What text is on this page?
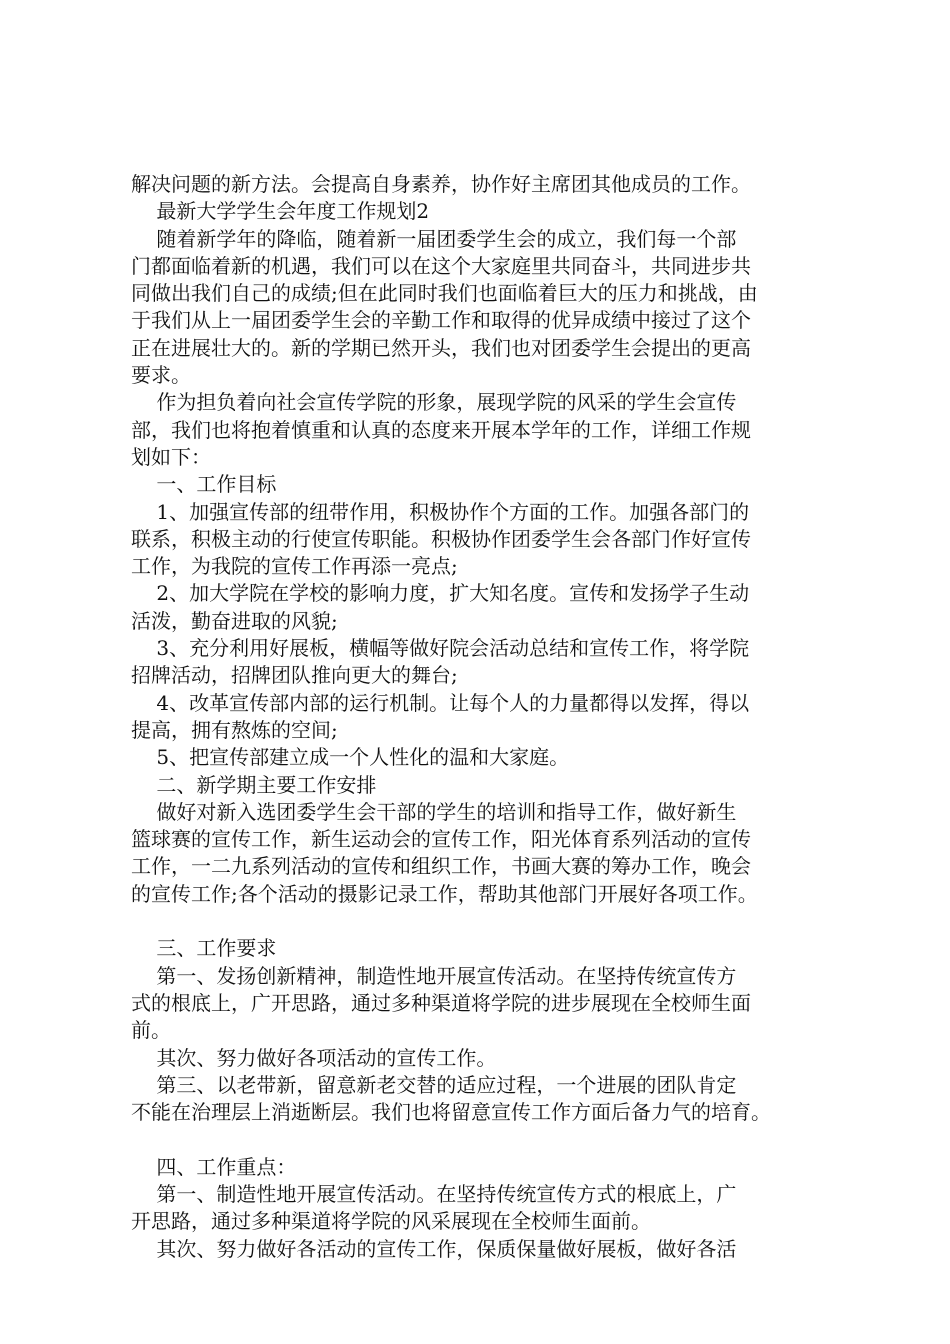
解决问题的新方法。会提高自身素养，协作好主席团其他成员的工作。

最新大学学生会年度工作规划2

随着新学年的降临，随着新一届团委学生会的成立，我们每一个部

门都面临着新的机遇，我们可以在这个大家庭里共同奋斗，共同进步共

同做出我们自己的成绩;但在此同时我们也面临着巨大的压力和挑战，由

于我们从上一届团委学生会的辛勤工作和取得的优异成绩中接过了这个

正在进展壮大的。新的学期已然开头，我们也对团委学生会提出的更高

要求。

作为担负着向社会宣传学院的形象，展现学院的风采的学生会宣传

部，我们也将抱着慎重和认真的态度来开展本学年的工作，详细工作规

划如下：

一、工作目标

1、加强宣传部的纽带作用，积极协作个方面的工作。加强各部门的

联系，积极主动的行使宣传职能。积极协作团委学生会各部门作好宣传

工作，为我院的宣传工作再添一亮点;

2、加大学院在学校的影响力度，扩大知名度。宣传和发扬学子生动

活泼，勤奋进取的风貌;

3、充分利用好展板，横幅等做好院会活动总结和宣传工作，将学院

招牌活动，招牌团队推向更大的舞台;

4、改革宣传部内部的运行机制。让每个人的力量都得以发挥，得以

提高，拥有熬炼的空间;

5、把宣传部建立成一个人性化的温和大家庭。

二、新学期主要工作安排

做好对新入选团委学生会干部的学生的培训和指导工作，做好新生

篮球赛的宣传工作，新生运动会的宣传工作，阳光体育系列活动的宣传

工作，一二九系列活动的宣传和组织工作，书画大赛的筹办工作，晚会

的宣传工作;各个活动的摄影记录工作，帮助其他部门开展好各项工作。

三、工作要求

第一、发扬创新精神，制造性地开展宣传活动。在坚持传统宣传方

式的根底上，广开思路，通过多种渠道将学院的进步展现在全校师生面

前。

其次、努力做好各项活动的宣传工作。

第三、以老带新，留意新老交替的适应过程，一个进展的团队肯定

不能在治理层上消逝断层。我们也将留意宣传工作方面后备力气的培育。

四、工作重点：

第一、制造性地开展宣传活动。在坚持传统宣传方式的根底上，广

开思路，通过多种渠道将学院的风采展现在全校师生面前。

其次、努力做好各活动的宣传工作，保质保量做好展板，做好各活
